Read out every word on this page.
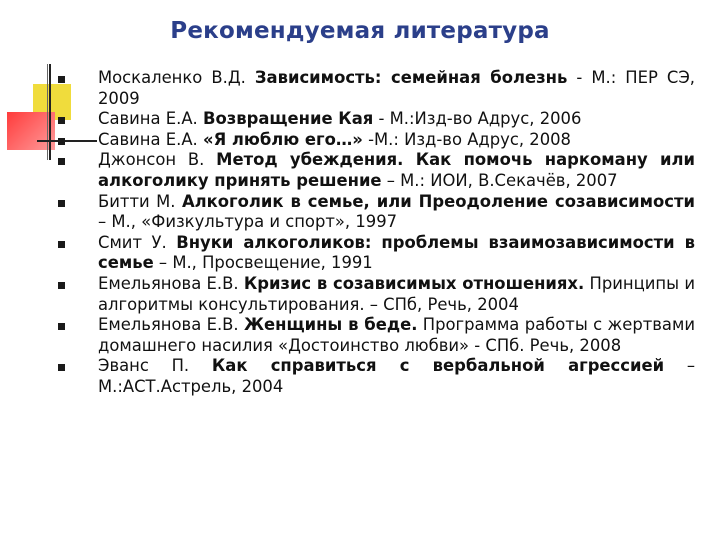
Рекомендуемая литература
Москаленко В.Д. Зависимость: семейная болезнь - М.: ПЕР СЭ, 2009
Савина Е.А. Возвращение Кая - М.:Изд-во Адрус, 2006
Савина Е.А. «Я люблю его…» -М.: Изд-во Адрус, 2008
Джонсон В. Метод убеждения. Как помочь наркоману или алкоголику принять решение – М.: ИОИ, В.Секачёв, 2007
Битти М. Алкоголик в семье, или Преодоление созависимости – М., «Физкультура и спорт», 1997
Смит У. Внуки алкоголиков: проблемы взаимозависимости в семье – М., Просвещение, 1991
Емельянова Е.В. Кризис в созависимых отношениях. Принципы и алгоритмы консультирования. – СПб, Речь, 2004
Емельянова Е.В. Женщины в беде. Программа работы с жертвами домашнего насилия «Достоинство любви» - СПб. Речь, 2008
Эванс П. Как справиться с вербальной агрессией – М.:АСТ.Астрель, 2004
